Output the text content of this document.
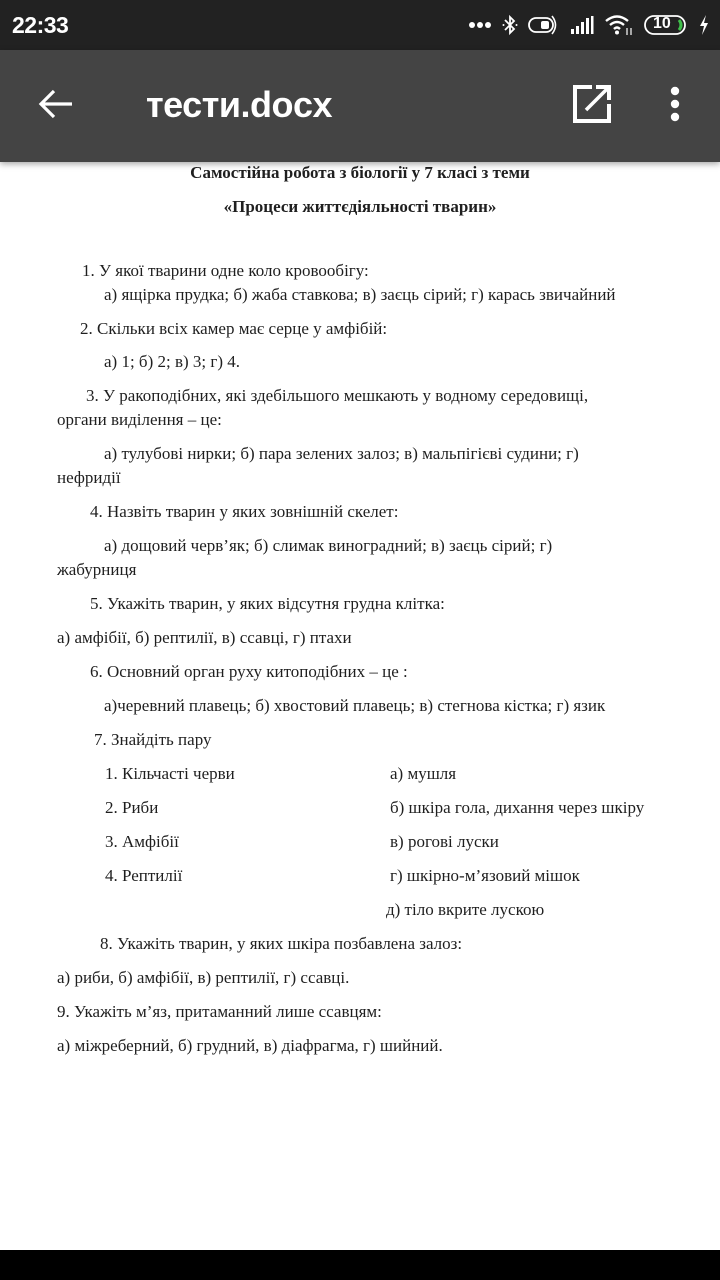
22:33	10
тести.docx
Самостійна робота з біології у 7 класі з теми
«Процеси життєдіяльності тварин»
1. У якої тварини одне коло кровообігу:
а) ящірка прудка; б) жаба ставкова; в) заєць сірий; г) карась звичайний
2. Скільки всіх камер має серце у амфібій:
а) 1; б) 2; в) 3; г) 4.
3. У ракоподібних, які здебільшого мешкають у водному середовищі,
органи виділення – це:
а) тулубові нирки; б) пара зелених залоз; в) мальпігієві судини; г)
нефридії
4. Назвіть тварин у яких зовнішній скелет:
а) дощовий черв’як; б) слимак виноградний; в) заєць сірий; г)
жабурниця
5. Укажіть тварин, у яких відсутня грудна клітка:
а) амфібії, б) рептилії, в) ссавці, г) птахи
6. Основний орган руху китоподібних – це :
а)черевний плавець; б) хвостовий плавець; в) стегнова кістка; г) язик
7. Знайдіть пару
1. Кільчасті черви
2. Риби
3. Амфібії
4. Рептилії
а) мушля
б) шкіра гола, дихання через шкіру
в) рогові луски
г) шкірно-м’язовий мішок
д) тіло вкрите лускою
8. Укажіть тварин, у яких шкіра позбавлена залоз:
а) риби, б) амфібії, в) рептилії, г) ссавці.
9. Укажіть м’яз, притаманний лише ссавцям:
а) міжреберний, б) грудний, в) діафрагма, г) шийний.
